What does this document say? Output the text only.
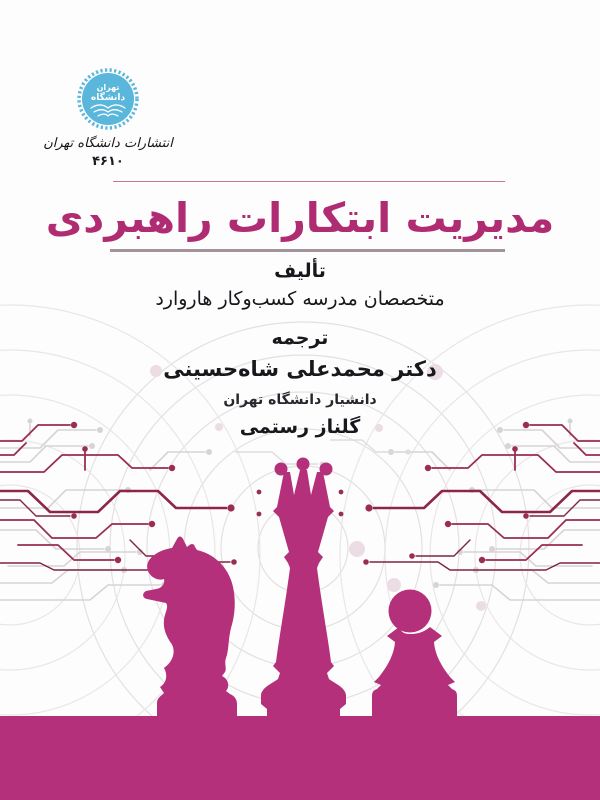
تهران
دانشگاه
انتشارات دانشگاه تهران
۴۶۱۰
مدیریت ابتکارات راهبردی
تألیف
متخصصان مدرسه کسب‌وکار هاروارد
ترجمه
دکتر محمدعلی شاه‌حسینی
دانشیار دانشگاه تهران
گلناز رستمی
